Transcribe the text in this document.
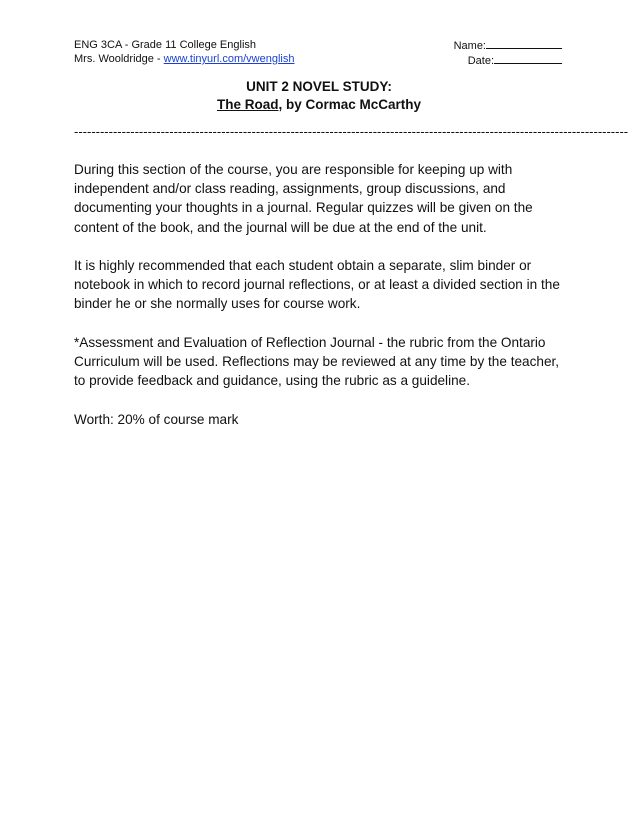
ENG 3CA - Grade 11 College English
Mrs. Wooldridge - www.tinyurl.com/vwenglish
Name:
Date:
UNIT 2 NOVEL STUDY:
The Road, by Cormac McCarthy
--------------------------------------------------------------------------------------------------------------------------------

During this section of the course, you are responsible for keeping up with independent and/or class reading, assignments, group discussions, and documenting your thoughts in a journal. Regular quizzes will be given on the content of the book, and the journal will be due at the end of the unit.

It is highly recommended that each student obtain a separate, slim binder or notebook in which to record journal reflections, or at least a divided section in the binder he or she normally uses for course work.

*Assessment and Evaluation of Reflection Journal - the rubric from the Ontario Curriculum will be used. Reflections may be reviewed at any time by the teacher, to provide feedback and guidance, using the rubric as a guideline.

Worth: 20% of course mark
